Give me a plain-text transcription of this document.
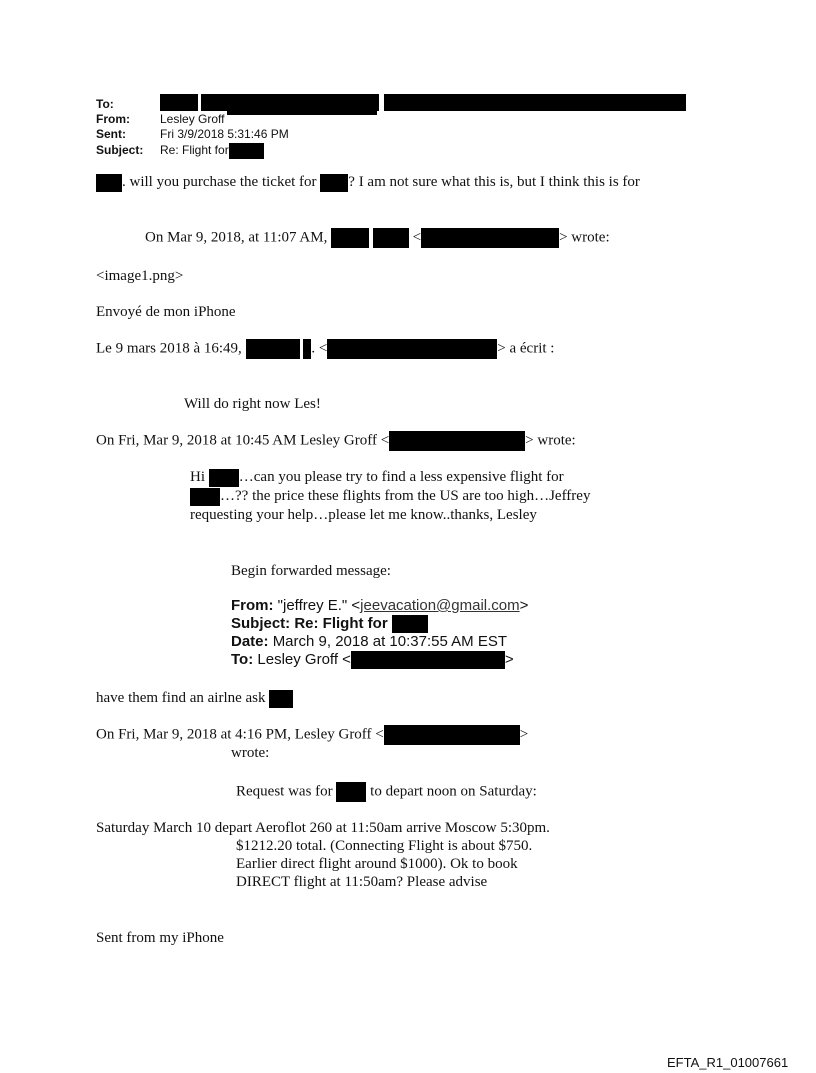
To:
From:	Lesley Groff
Sent:	Fri 3/9/2018 5:31:46 PM
Subject: Re: Flight for
. will you purchase the ticket for ? I am not sure what this is, but I think this is for
On Mar 9, 2018, at 11:07 AM,	<	> wrote:
<image1.png>
Envoyé de mon iPhone
Le 9 mars 2018 à 16:49,	. <	> a écrit :
Will do right now Les!
On Fri, Mar 9, 2018 at 10:45 AM Lesley Groff <	> wrote:
Hi …can you please try to find a less expensive flight for
…?? the price these flights from the US are too high…Jeffrey
requesting your help…please let me know..thanks, Lesley
Begin forwarded message:
From: "jeffrey E." <jeevacation@gmail.com>
Subject: Re: Flight for
Date: March 9, 2018 at 10:37:55 AM EST
To: Lesley Groff <	>
have them find an airlne ask
On Fri, Mar 9, 2018 at 4:16 PM, Lesley Groff <	>
wrote:
Request was for	to depart noon on Saturday:
Saturday March 10 depart Aeroflot 260 at 11:50am arrive Moscow 5:30pm.
$1212.20 total. (Connecting Flight is about $750.
Earlier direct flight around $1000). Ok to book
DIRECT flight at 11:50am? Please advise
Sent from my iPhone
EFTA_R1_01007661
